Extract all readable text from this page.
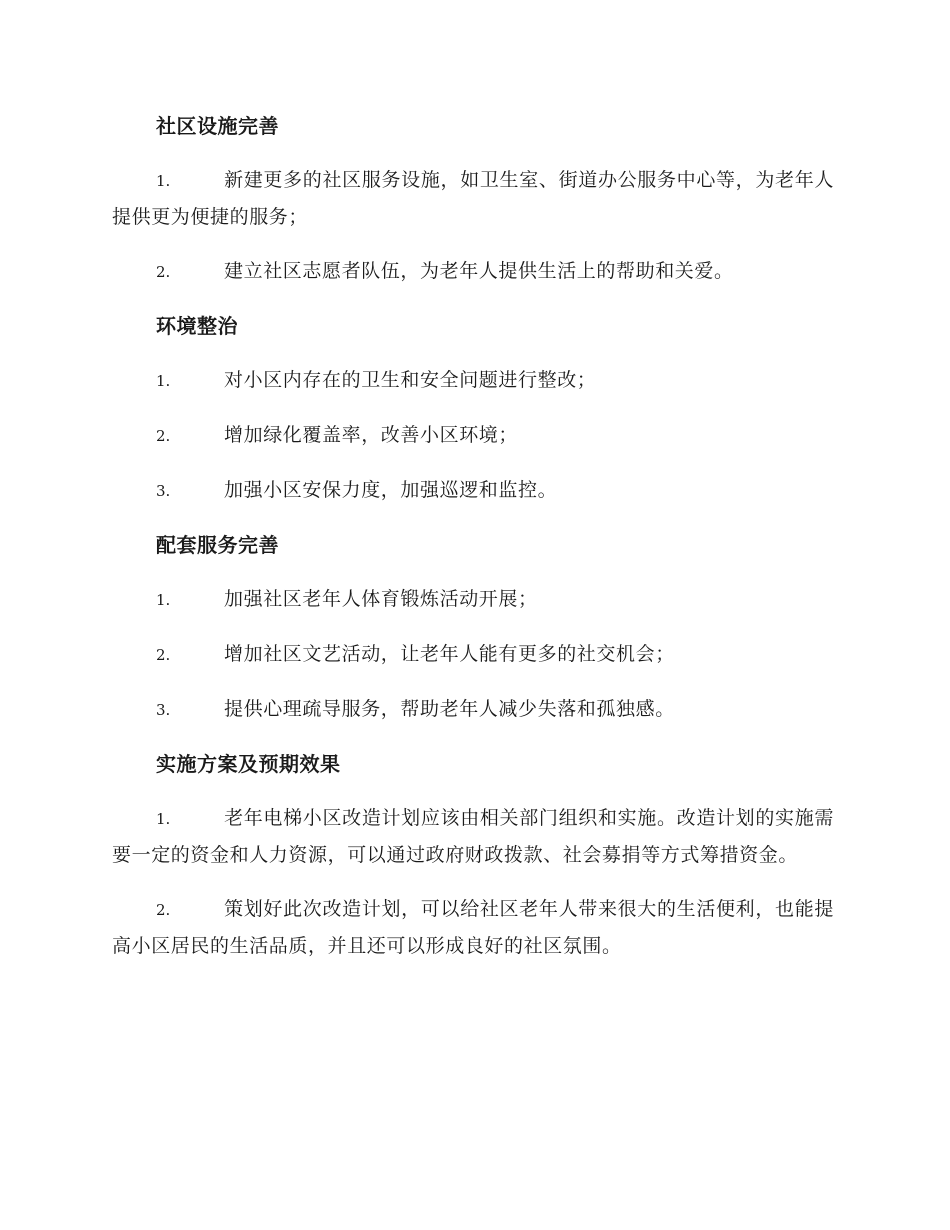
社区设施完善

1.	新建更多的社区服务设施，如卫生室、街道办公服务中心等，为老年人提供更为便捷的服务；

2.	建立社区志愿者队伍，为老年人提供生活上的帮助和关爱。

环境整治

1.	对小区内存在的卫生和安全问题进行整改；

2.	增加绿化覆盖率，改善小区环境；

3.	加强小区安保力度，加强巡逻和监控。

配套服务完善

1.	加强社区老年人体育锻炼活动开展；

2.	增加社区文艺活动，让老年人能有更多的社交机会；

3.	提供心理疏导服务，帮助老年人减少失落和孤独感。

实施方案及预期效果

1.	老年电梯小区改造计划应该由相关部门组织和实施。改造计划的实施需要一定的资金和人力资源，可以通过政府财政拨款、社会募捐等方式筹措资金。

2.	策划好此次改造计划，可以给社区老年人带来很大的生活便利，也能提高小区居民的生活品质，并且还可以形成良好的社区氛围。
